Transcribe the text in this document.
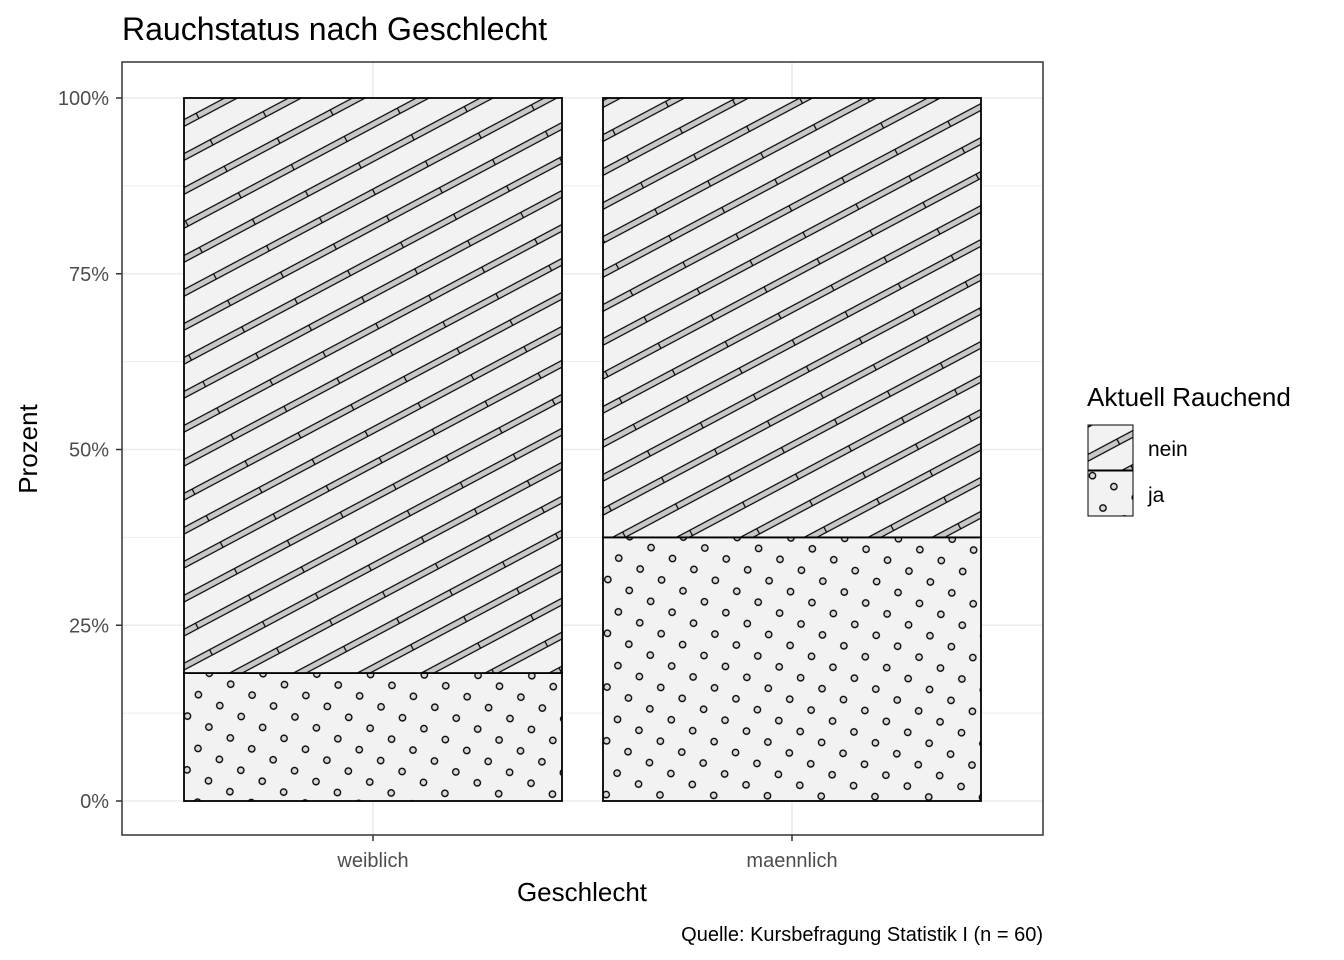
Rauchstatus nach Geschlecht
0%
25%
50%
75%
100%
weiblich	maennlich
Geschlecht
Prozent
Aktuell Rauchend
nein
ja
Quelle: Kursbefragung Statistik I (n = 60)
